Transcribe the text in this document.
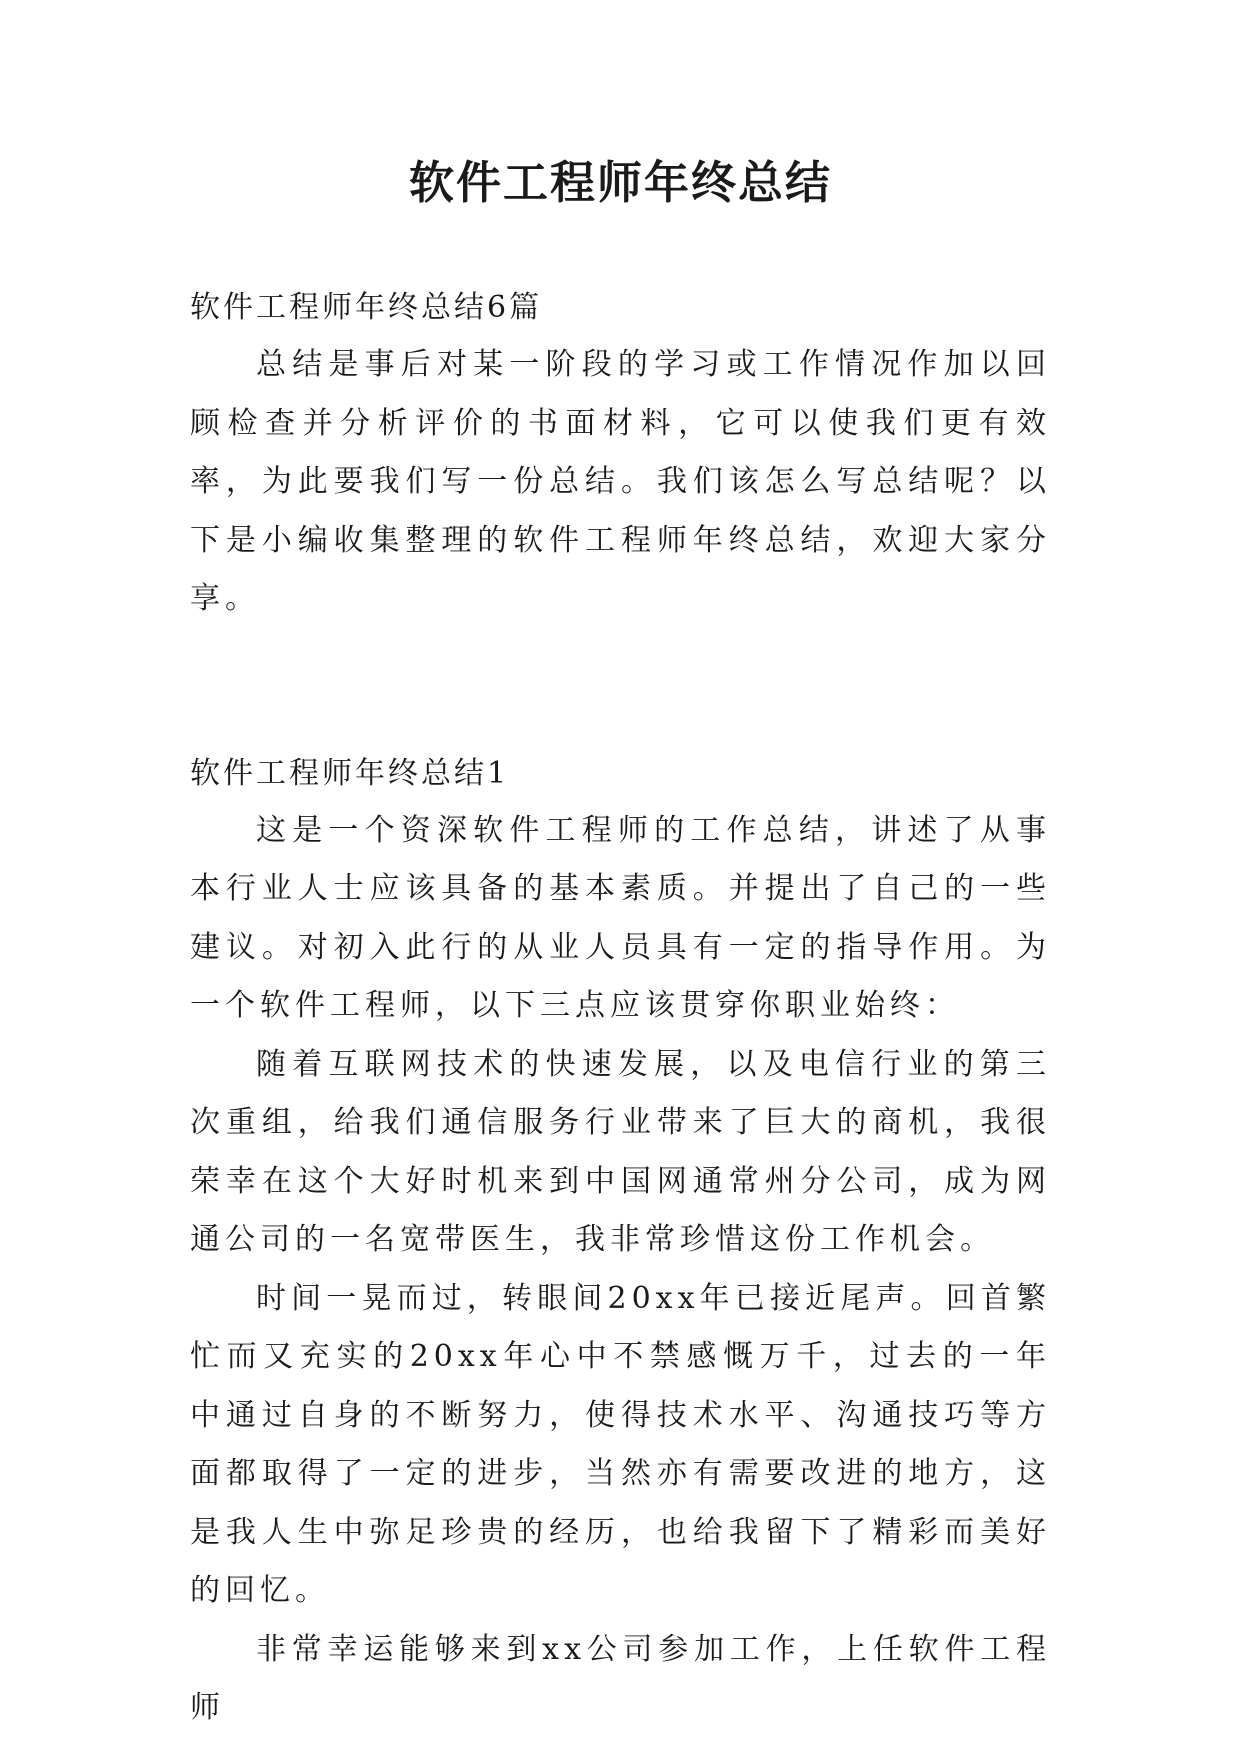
软件工程师年终总结

软件工程师年终总结6篇

总结是事后对某一阶段的学习或工作情况作加以回顾检查并分析评价的书面材料，它可以使我们更有效率，为此要我们写一份总结。我们该怎么写总结呢？以下是小编收集整理的软件工程师年终总结，欢迎大家分享。

软件工程师年终总结1

这是一个资深软件工程师的工作总结，讲述了从事本行业人士应该具备的基本素质。并提出了自己的一些建议。对初入此行的从业人员具有一定的指导作用。为一个软件工程师，以下三点应该贯穿你职业始终：

随着互联网技术的快速发展，以及电信行业的第三次重组，给我们通信服务行业带来了巨大的商机，我很荣幸在这个大好时机来到中国网通常州分公司，成为网通公司的一名宽带医生，我非常珍惜这份工作机会。

时间一晃而过，转眼间20xx年已接近尾声。回首繁忙而又充实的20xx年心中不禁感慨万千，过去的一年中通过自身的不断努力，使得技术水平、沟通技巧等方面都取得了一定的进步，当然亦有需要改进的地方，这是我人生中弥足珍贵的经历，也给我留下了精彩而美好的回忆。

非常幸运能够来到xx公司参加工作，上任软件工程师
